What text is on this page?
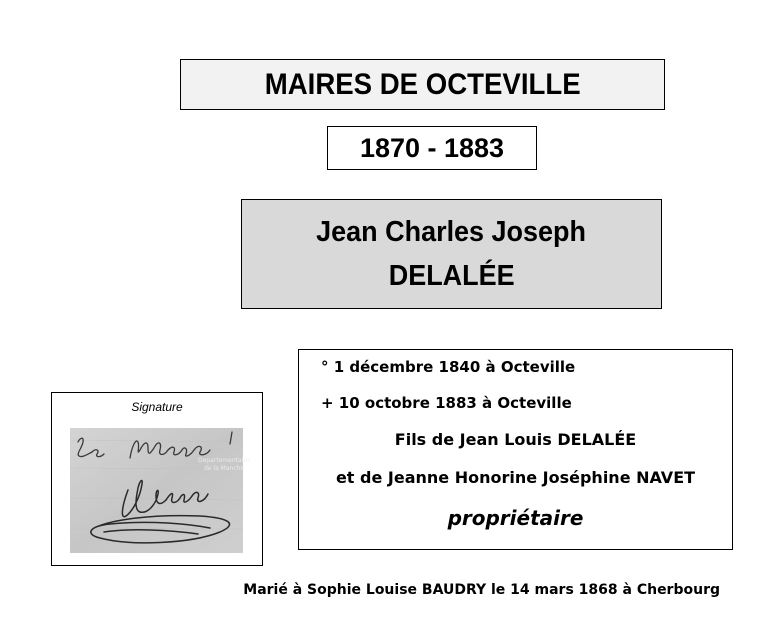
MAIRES DE OCTEVILLE
1870 - 1883
Jean Charles Joseph
DELALÉE
° 1 décembre 1840 à Octeville
+ 10 octobre 1883 à Octeville
Fils de Jean Louis DELALÉE
et de Jeanne Honorine Joséphine NAVET
propriétaire
Signature
Departementales
de la Manche
Marié à Sophie Louise BAUDRY le 14 mars 1868 à Cherbourg
